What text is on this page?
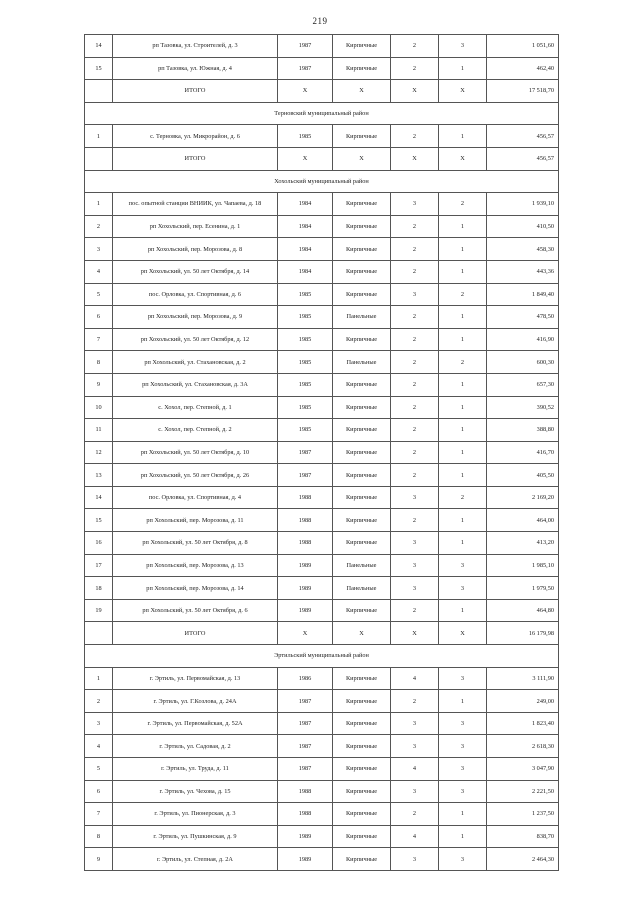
219
14	рп Тазовка, ул. Строителей, д. 3	1987	Кирпичные	2	3	1 051,60
15	рп Тазовка, ул. Южная, д. 4	1987	Кирпичные	2	1	462,40
	ИТОГО	X	X	X	X	17 518,70
Терновский муниципальный район						
1	с. Терновка, ул. Микрорайон, д. 6	1985	Кирпичные	2	1	456,57
	ИТОГО	X	X	X	X	456,57
Хохольский муниципальный район						
1	пос. опытной станции ВНИИК, ул. Чапаева, д. 18	1984	Кирпичные	3	2	1 939,10
2	рп Хохольский, пер. Есенина, д. 1	1984	Кирпичные	2	1	410,50
3	рп Хохольский, пер. Морозова, д. 8	1984	Кирпичные	2	1	458,30
4	рп Хохольский, ул. 50 лет Октября, д. 14	1984	Кирпичные	2	1	443,36
5	пос. Орловка, ул. Спортивная, д. 6	1985	Кирпичные	3	2	1 849,40
6	рп Хохольский, пер. Морозова, д. 9	1985	Панельные	2	1	478,50
7	рп Хохольский, ул. 50 лет Октября, д. 12	1985	Кирпичные	2	1	416,90
8	рп Хохольский, ул. Стахановская, д. 2	1985	Панельные	2	2	600,30
9	рп Хохольский, ул. Стахановская, д. 3А	1985	Кирпичные	2	1	657,30
10	с. Хохол, пер. Степной, д. 1	1985	Кирпичные	2	1	390,52
11	с. Хохол, пер. Степной, д. 2	1985	Кирпичные	2	1	388,80
12	рп Хохольский, ул. 50 лет Октября, д. 10	1987	Кирпичные	2	1	416,70
13	рп Хохольский, ул. 50 лет Октября, д. 26	1987	Кирпичные	2	1	405,50
14	пос. Орловка, ул. Спортивная, д. 4	1988	Кирпичные	3	2	2 169,20
15	рп Хохольский, пер. Морозова, д. 11	1988	Кирпичные	2	1	464,00
16	рп Хохольский, ул. 50 лет Октября, д. 8	1988	Кирпичные	3	1	413,20
17	рп Хохольский, пер. Морозова, д. 13	1989	Панельные	3	3	1 985,10
18	рп Хохольский, пер. Морозова, д. 14	1989	Панельные	3	3	1 979,50
19	рп Хохольский, ул. 50 лет Октября, д. 6	1989	Кирпичные	2	1	464,80
	ИТОГО	X	X	X	X	16 179,98
Эртильский муниципальный район						
1	г. Эртиль, ул. Первомайская, д. 13	1986	Кирпичные	4	3	3 111,90
2	г. Эртиль, ул. Г.Козлова, д. 24А	1987	Кирпичные	2	1	249,00
3	г. Эртиль, ул. Первомайская, д. 52А	1987	Кирпичные	3	3	1 823,40
4	г. Эртиль, ул. Садовая, д. 2	1987	Кирпичные	3	3	2 618,30
5	г. Эртиль, ул. Труда, д. 11	1987	Кирпичные	4	3	3 047,90
6	г. Эртиль, ул. Чехова, д. 15	1988	Кирпичные	3	3	2 221,50
7	г. Эртиль, ул. Пионерская, д. 3	1988	Кирпичные	2	1	1 237,50
8	г. Эртиль, ул. Пушкинская, д. 9	1989	Кирпичные	4	1	838,70
9	г. Эртиль, ул. Степная, д. 2А	1989	Кирпичные	3	3	2 464,30
